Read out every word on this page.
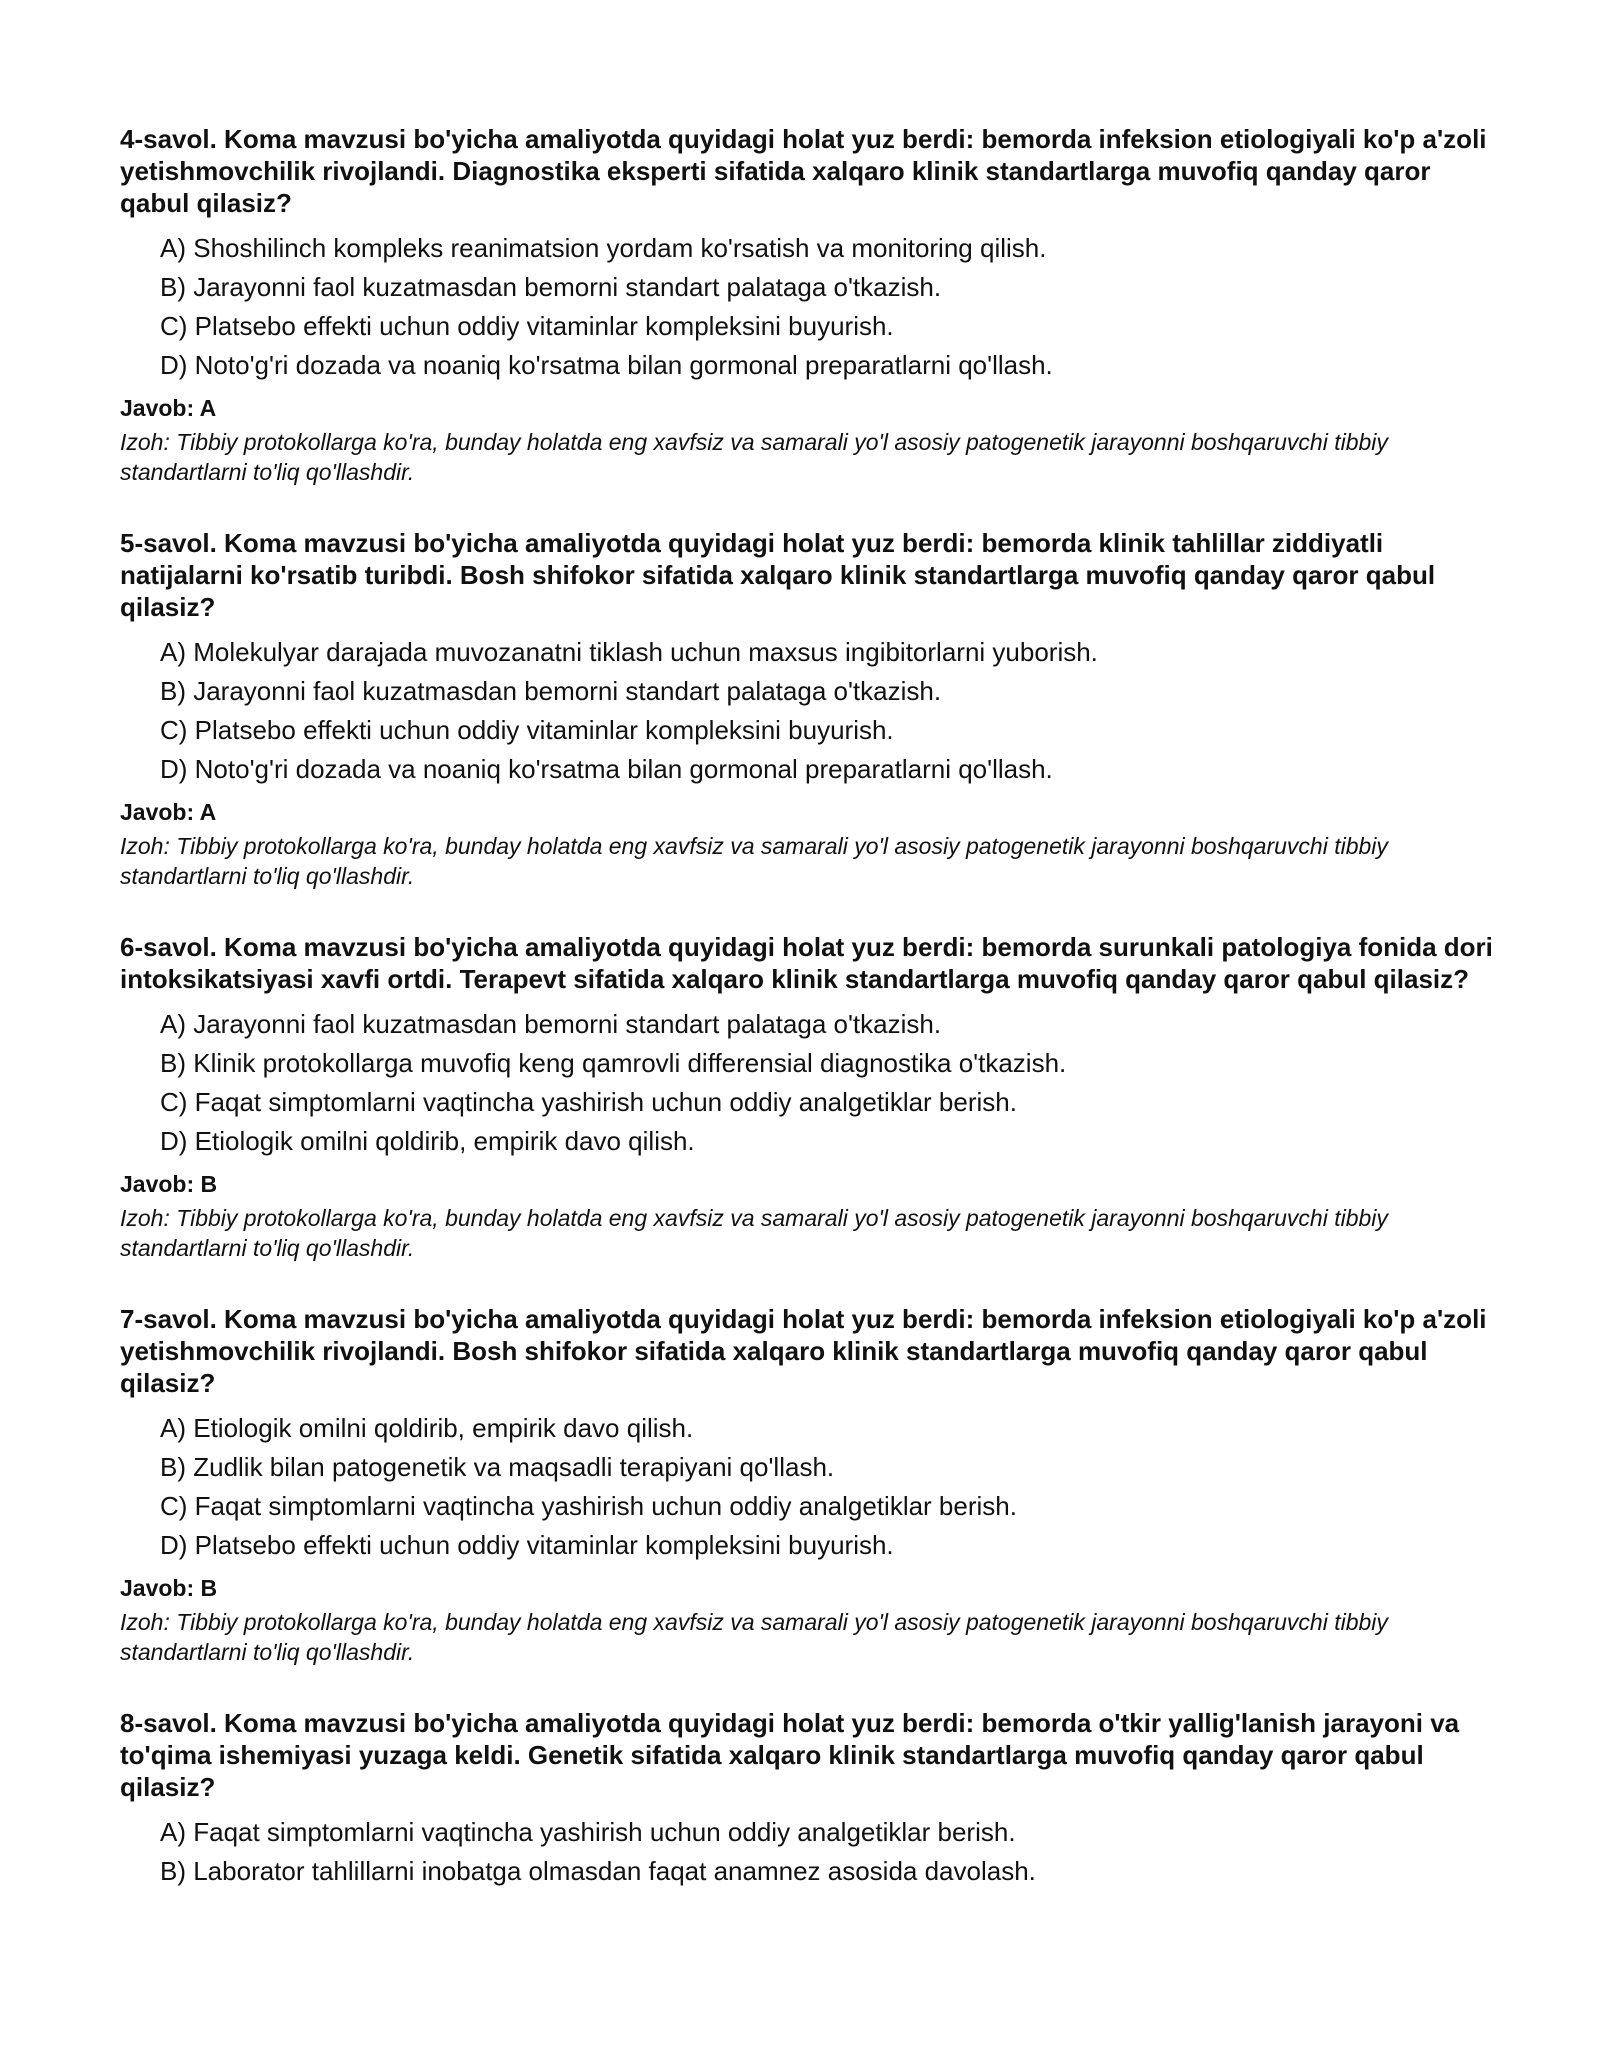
4-savol. Koma mavzusi bo'yicha amaliyotda quyidagi holat yuz berdi: bemorda infeksion etiologiyali ko'p a'zoli yetishmovchilik rivojlandi. Diagnostika eksperti sifatida xalqaro klinik standartlarga muvofiq qanday qaror qabul qilasiz?

A) Shoshilinch kompleks reanimatsion yordam ko'rsatish va monitoring qilish.
B) Jarayonni faol kuzatmasdan bemorni standart palataga o'tkazish.
C) Platsebo effekti uchun oddiy vitaminlar kompleksini buyurish.
D) Noto'g'ri dozada va noaniq ko'rsatma bilan gormonal preparatlarni qo'llash.

Javob: A

Izoh: Tibbiy protokollarga ko'ra, bunday holatda eng xavfsiz va samarali yo'l asosiy patogenetik jarayonni boshqaruvchi tibbiy standartlarni to'liq qo'llashdir.

5-savol. Koma mavzusi bo'yicha amaliyotda quyidagi holat yuz berdi: bemorda klinik tahlillar ziddiyatli natijalarni ko'rsatib turibdi. Bosh shifokor sifatida xalqaro klinik standartlarga muvofiq qanday qaror qabul qilasiz?

A) Molekulyar darajada muvozanatni tiklash uchun maxsus ingibitorlarni yuborish.
B) Jarayonni faol kuzatmasdan bemorni standart palataga o'tkazish.
C) Platsebo effekti uchun oddiy vitaminlar kompleksini buyurish.
D) Noto'g'ri dozada va noaniq ko'rsatma bilan gormonal preparatlarni qo'llash.

Javob: A

Izoh: Tibbiy protokollarga ko'ra, bunday holatda eng xavfsiz va samarali yo'l asosiy patogenetik jarayonni boshqaruvchi tibbiy standartlarni to'liq qo'llashdir.

6-savol. Koma mavzusi bo'yicha amaliyotda quyidagi holat yuz berdi: bemorda surunkali patologiya fonida dori intoksikatsiyasi xavfi ortdi. Terapevt sifatida xalqaro klinik standartlarga muvofiq qanday qaror qabul qilasiz?

A) Jarayonni faol kuzatmasdan bemorni standart palataga o'tkazish.
B) Klinik protokollarga muvofiq keng qamrovli differensial diagnostika o'tkazish.
C) Faqat simptomlarni vaqtincha yashirish uchun oddiy analgetiklar berish.
D) Etiologik omilni qoldirib, empirik davo qilish.

Javob: B

Izoh: Tibbiy protokollarga ko'ra, bunday holatda eng xavfsiz va samarali yo'l asosiy patogenetik jarayonni boshqaruvchi tibbiy standartlarni to'liq qo'llashdir.

7-savol. Koma mavzusi bo'yicha amaliyotda quyidagi holat yuz berdi: bemorda infeksion etiologiyali ko'p a'zoli yetishmovchilik rivojlandi. Bosh shifokor sifatida xalqaro klinik standartlarga muvofiq qanday qaror qabul qilasiz?

A) Etiologik omilni qoldirib, empirik davo qilish.
B) Zudlik bilan patogenetik va maqsadli terapiyani qo'llash.
C) Faqat simptomlarni vaqtincha yashirish uchun oddiy analgetiklar berish.
D) Platsebo effekti uchun oddiy vitaminlar kompleksini buyurish.

Javob: B

Izoh: Tibbiy protokollarga ko'ra, bunday holatda eng xavfsiz va samarali yo'l asosiy patogenetik jarayonni boshqaruvchi tibbiy standartlarni to'liq qo'llashdir.

8-savol. Koma mavzusi bo'yicha amaliyotda quyidagi holat yuz berdi: bemorda o'tkir yallig'lanish jarayoni va to'qima ishemiyasi yuzaga keldi. Genetik sifatida xalqaro klinik standartlarga muvofiq qanday qaror qabul qilasiz?

A) Faqat simptomlarni vaqtincha yashirish uchun oddiy analgetiklar berish.
B) Laborator tahlillarni inobatga olmasdan faqat anamnez asosida davolash.
